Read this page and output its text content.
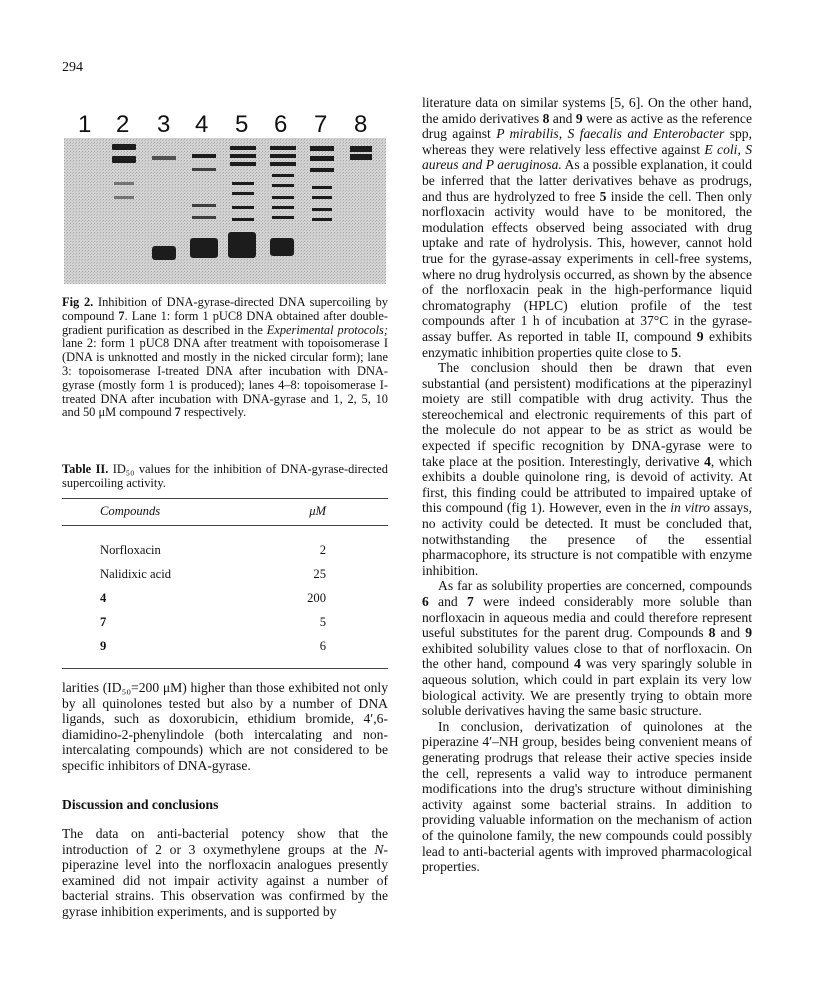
294
1 2 3 4 5 6 7 8
Fig 2. Inhibition of DNA-gyrase-directed DNA supercoiling by compound 7. Lane 1: form 1 pUC8 DNA obtained after double-gradient purification as described in the Experimental protocols; lane 2: form 1 pUC8 DNA after treatment with topoisomerase I (DNA is unknotted and mostly in the nicked circular form); lane 3: topoisomerase I-treated DNA after incubation with DNA-gyrase (mostly form 1 is produced); lanes 4–8: topoisomerase I-treated DNA after incubation with DNA-gyrase and 1, 2, 5, 10 and 50 μM compound 7 respectively.
Table II. ID₅₀ values for the inhibition of DNA-gyrase-directed supercoiling activity.
Compounds	μM
Norfloxacin	2
Nalidixic acid	25
4	200
7	5
9	6
larities (ID₅₀=200 μM) higher than those exhibited not only by all quinolones tested but also by a number of DNA ligands, such as doxorubicin, ethidium bromide, 4′,6-diamidino-2-phenylindole (both intercalating and non-intercalating compounds) which are not considered to be specific inhibitors of DNA-gyrase.
Discussion and conclusions
The data on anti-bacterial potency show that the introduction of 2 or 3 oxymethylene groups at the N-piperazine level into the norfloxacin analogues presently examined did not impair activity against a number of bacterial strains. This observation was confirmed by the gyrase inhibition experiments, and is supported by

literature data on similar systems [5, 6]. On the other hand, the amido derivatives 8 and 9 were as active as the reference drug against P mirabilis, S faecalis and Enterobacter spp, whereas they were relatively less effective against E coli, S aureus and P aeruginosa. As a possible explanation, it could be inferred that the latter derivatives behave as prodrugs, and thus are hydrolyzed to free 5 inside the cell. Then only norfloxacin activity would have to be monitored, the modulation effects observed being associated with drug uptake and rate of hydrolysis. This, however, cannot hold true for the gyrase-assay experiments in cell-free systems, where no drug hydrolysis occurred, as shown by the absence of the norfloxacin peak in the high-performance liquid chromatography (HPLC) elution profile of the test compounds after 1 h of incubation at 37°C in the gyrase-assay buffer. As reported in table II, compound 9 exhibits enzymatic inhibition properties quite close to 5.

The conclusion should then be drawn that even substantial (and persistent) modifications at the piperazinyl moiety are still compatible with drug activity. Thus the stereochemical and electronic requirements of this part of the molecule do not appear to be as strict as would be expected if specific recognition by DNA-gyrase were to take place at the position. Interestingly, derivative 4, which exhibits a double quinolone ring, is devoid of activity. At first, this finding could be attributed to impaired uptake of this compound (fig 1). However, even in the in vitro assays, no activity could be detected. It must be concluded that, notwithstanding the presence of the essential pharmacophore, its structure is not compatible with enzyme inhibition.

As far as solubility properties are concerned, compounds 6 and 7 were indeed considerably more soluble than norfloxacin in aqueous media and could therefore represent useful substitutes for the parent drug. Compounds 8 and 9 exhibited solubility values close to that of norfloxacin. On the other hand, compound 4 was very sparingly soluble in aqueous solution, which could in part explain its very low biological activity. We are presently trying to obtain more soluble derivatives having the same basic structure.

In conclusion, derivatization of quinolones at the piperazine 4′–NH group, besides being convenient means of generating prodrugs that release their active species inside the cell, represents a valid way to introduce permanent modifications into the drug's structure without diminishing activity against some bacterial strains. In addition to providing valuable information on the mechanism of action of the quinolone family, the new compounds could possibly lead to anti-bacterial agents with improved pharmacological properties.
